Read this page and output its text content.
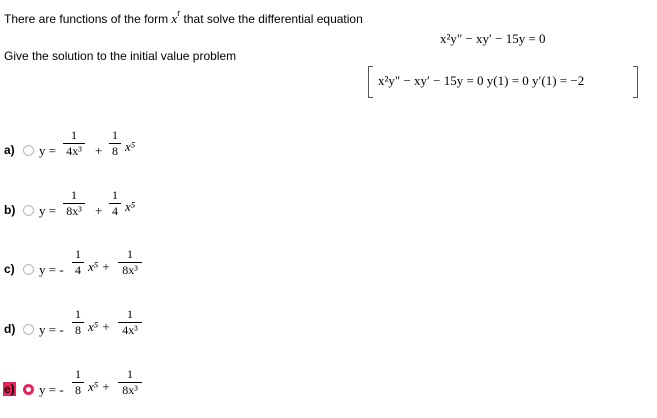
There are functions of the form $x^r$ that solve the differential equation
x²y" − xy′ − 15y = 0
Give the solution to the initial value problem
x²y" − xy′ − 15y = 0 y(1) = 0 y′(1) = −2
a) y =
1
4x³ +
1
8 x⁵
b) y =
1
8x³ +
1
4 x⁵
c) y = -
1
4 x⁵ +
1
8x³
d) y = -
1
8 x⁵ +
1
4x³
e) y = -
1
8 x⁵ +
1
8x³
